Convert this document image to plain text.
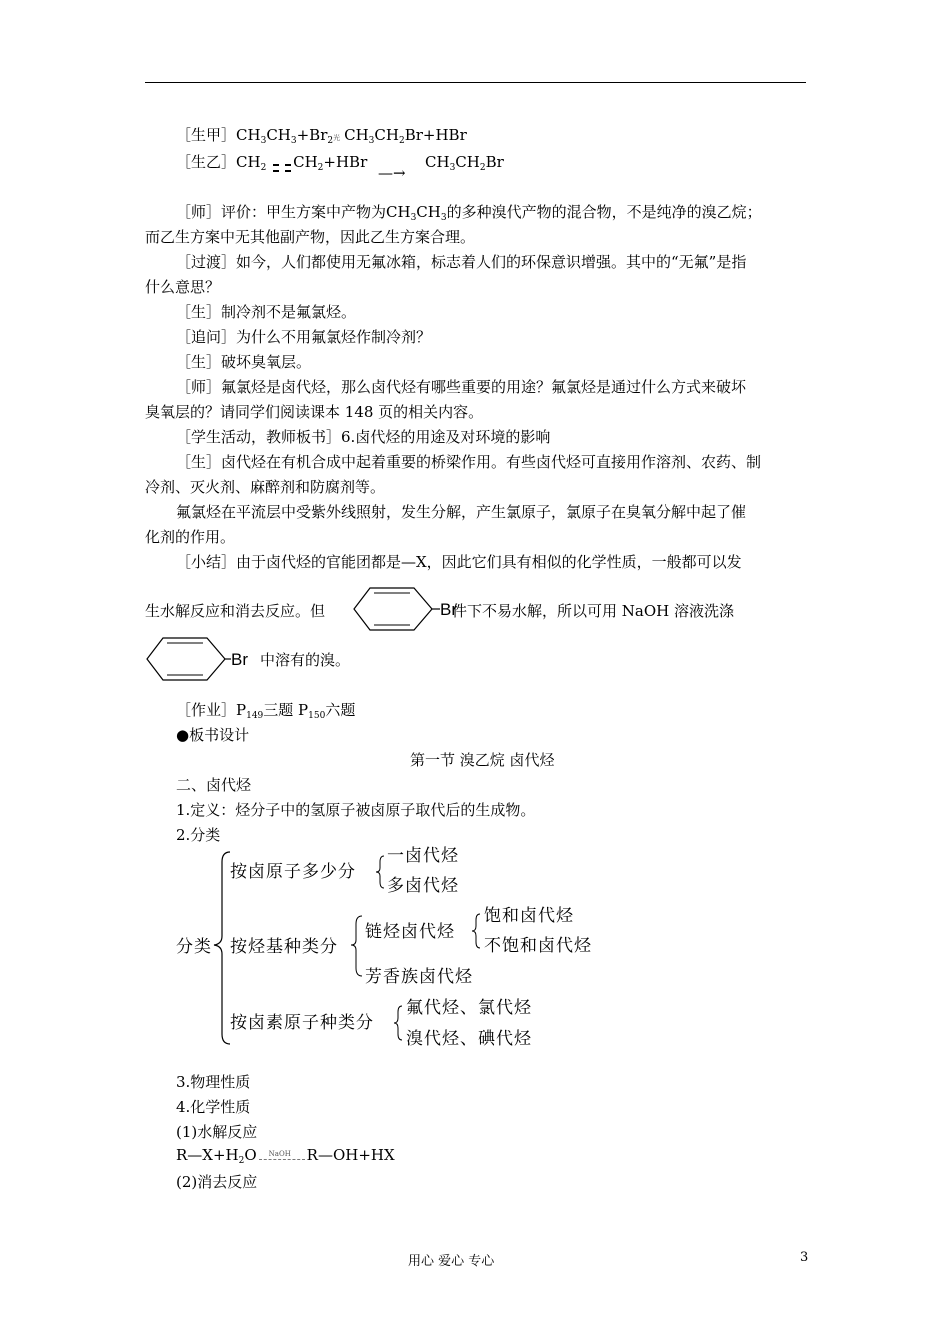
［生甲$]CH_3CH_3+Br_2$光 $CH_3CH_2Br+HBr$
［生乙$]CH_2$ $CH_2+HBr$
—→
$CH_3CH_2Br$
［师］评价：甲生方案中产物为$CH_3CH_3$的多种溴代产物的混合物，不是纯净的溴乙烷；
而乙生方案中无其他副产物，因此乙生方案合理。
［过渡］如今，人们都使用无氟冰箱，标志着人们的环保意识增强。其中的“无氟”是指
什么意思？
［生］制冷剂不是氟氯烃。
［追问］为什么不用氟氯烃作制冷剂？
［生］破坏臭氧层。
［师］氟氯烃是卤代烃，那么卤代烃有哪些重要的用途？氟氯烃是通过什么方式来破坏
臭氧层的？请同学们阅读课本 148 页的相关内容。
［学生活动，教师板书］6.卤代烃的用途及对环境的影响
［生］卤代烃在有机合成中起着重要的桥梁作用。有些卤代烃可直接用作溶剂、农药、制
冷剂、灭火剂、麻醉剂和防腐剂等。
氟氯烃在平流层中受紫外线照射，发生分解，产生氯原子，氯原子在臭氧分解中起了催
化剂的作用。
［小结］由于卤代烃的官能团都是—X，因此它们具有相似的化学性质，一般都可以发
生水解反应和消去反应。但	Br
件下不易水解，所以可用 NaOH 溶液洗涤
Br 中溶有的溴。
［作业$]P_{149}$三题 $P_{150}$六题
●板书设计
第一节 溴乙烷 卤代烃
二、卤代烃
1.定义：烃分子中的氢原子被卤原子取代后的生成物。
2.分类
分类
按卤原子多少分
一卤代烃
多卤代烃
按烃基种类分
链烃卤代烃
饱和卤代烃
不饱和卤代烃
芳香族卤代烃
按卤素原子种类分
氟代烃、氯代烃
溴代烃、碘代烃
3.物理性质
4.化学性质
(1)水解反应
$R—X+H_2O$ NaOH R—OH+HX
(2)消去反应
用心 爱心 专心	3
